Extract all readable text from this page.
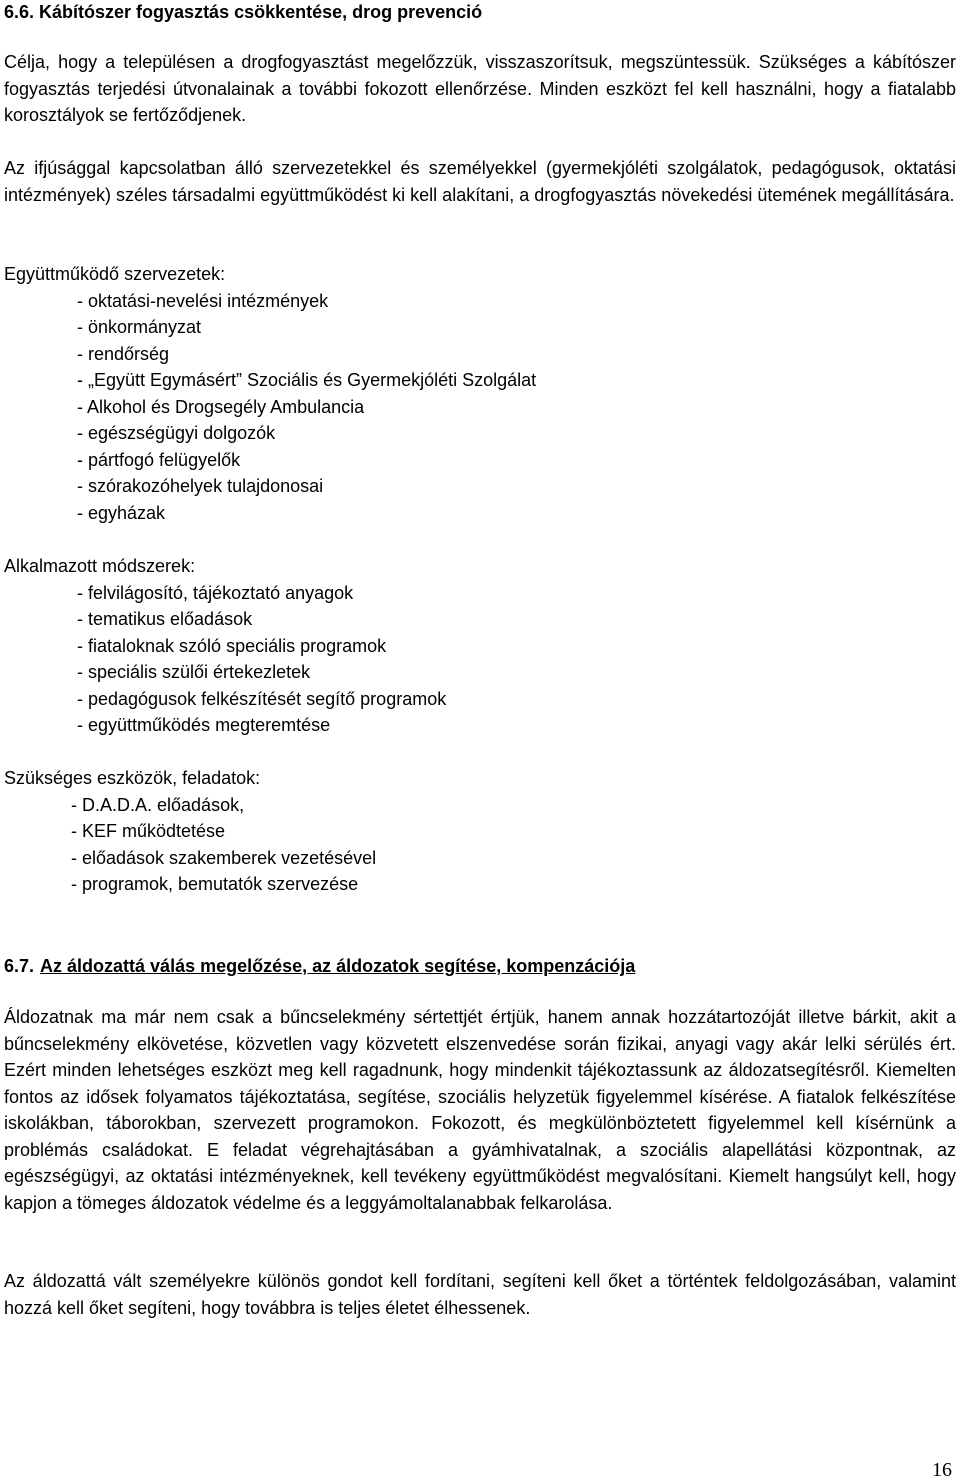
6.6. Kábítószer fogyasztás csökkentése, drog prevenció

Célja, hogy a településen a drogfogyasztást megelőzzük, visszaszorítsuk, megszüntessük. Szükséges a kábítószer fogyasztás terjedési útvonalainak a további fokozott ellenőrzése. Minden eszközt fel kell használni, hogy a fiatalabb korosztályok se fertőződjenek.

Az ifjúsággal kapcsolatban álló szervezetekkel és személyekkel (gyermekjóléti szolgálatok, pedagógusok, oktatási intézmények) széles társadalmi együttműködést ki kell alakítani, a drogfogyasztás növekedési ütemének megállítására.

Együttműködő szervezetek:

- oktatási-nevelési intézmények
- önkormányzat
- rendőrség
- „Együtt Egymásért” Szociális és Gyermekjóléti Szolgálat
- Alkohol és Drogsegély Ambulancia
- egészségügyi dolgozók
- pártfogó felügyelők
- szórakozóhelyek tulajdonosai
- egyházak

Alkalmazott módszerek:

- felvilágosító, tájékoztató anyagok
- tematikus előadások
- fiataloknak szóló speciális programok
- speciális szülői értekezletek
- pedagógusok felkészítését segítő programok
- együttműködés megteremtése

Szükséges eszközök, feladatok:

- D.A.D.A. előadások,
- KEF működtetése
- előadások szakemberek vezetésével
- programok, bemutatók szervezése
6.7. Az áldozattá válás megelőzése, az áldozatok segítése, kompenzációja

Áldozatnak ma már nem csak a bűncselekmény sértettjét értjük, hanem annak hozzátartozóját illetve bárkit, akit a bűncselekmény elkövetése, közvetlen vagy közvetett elszenvedése során fizikai, anyagi vagy akár lelki sérülés ért. Ezért minden lehetséges eszközt meg kell ragadnunk, hogy mindenkit tájékoztassunk az áldozatsegítésről. Kiemelten fontos az idősek folyamatos tájékoztatása, segítése, szociális helyzetük figyelemmel kísérése. A fiatalok felkészítése iskolákban, táborokban, szervezett programokon. Fokozott, és megkülönböztetett figyelemmel kell kísérnünk a problémás családokat. E feladat végrehajtásában a gyámhivatalnak, a szociális alapellátási központnak, az egészségügyi, az oktatási intézményeknek, kell tevékeny együttműködést megvalósítani. Kiemelt hangsúlyt kell, hogy kapjon a tömeges áldozatok védelme és a leggyámoltalanabbak felkarolása.

Az áldozattá vált személyekre különös gondot kell fordítani, segíteni kell őket a történtek feldolgozásában, valamint hozzá kell őket segíteni, hogy továbbra is teljes életet élhessenek.

16
